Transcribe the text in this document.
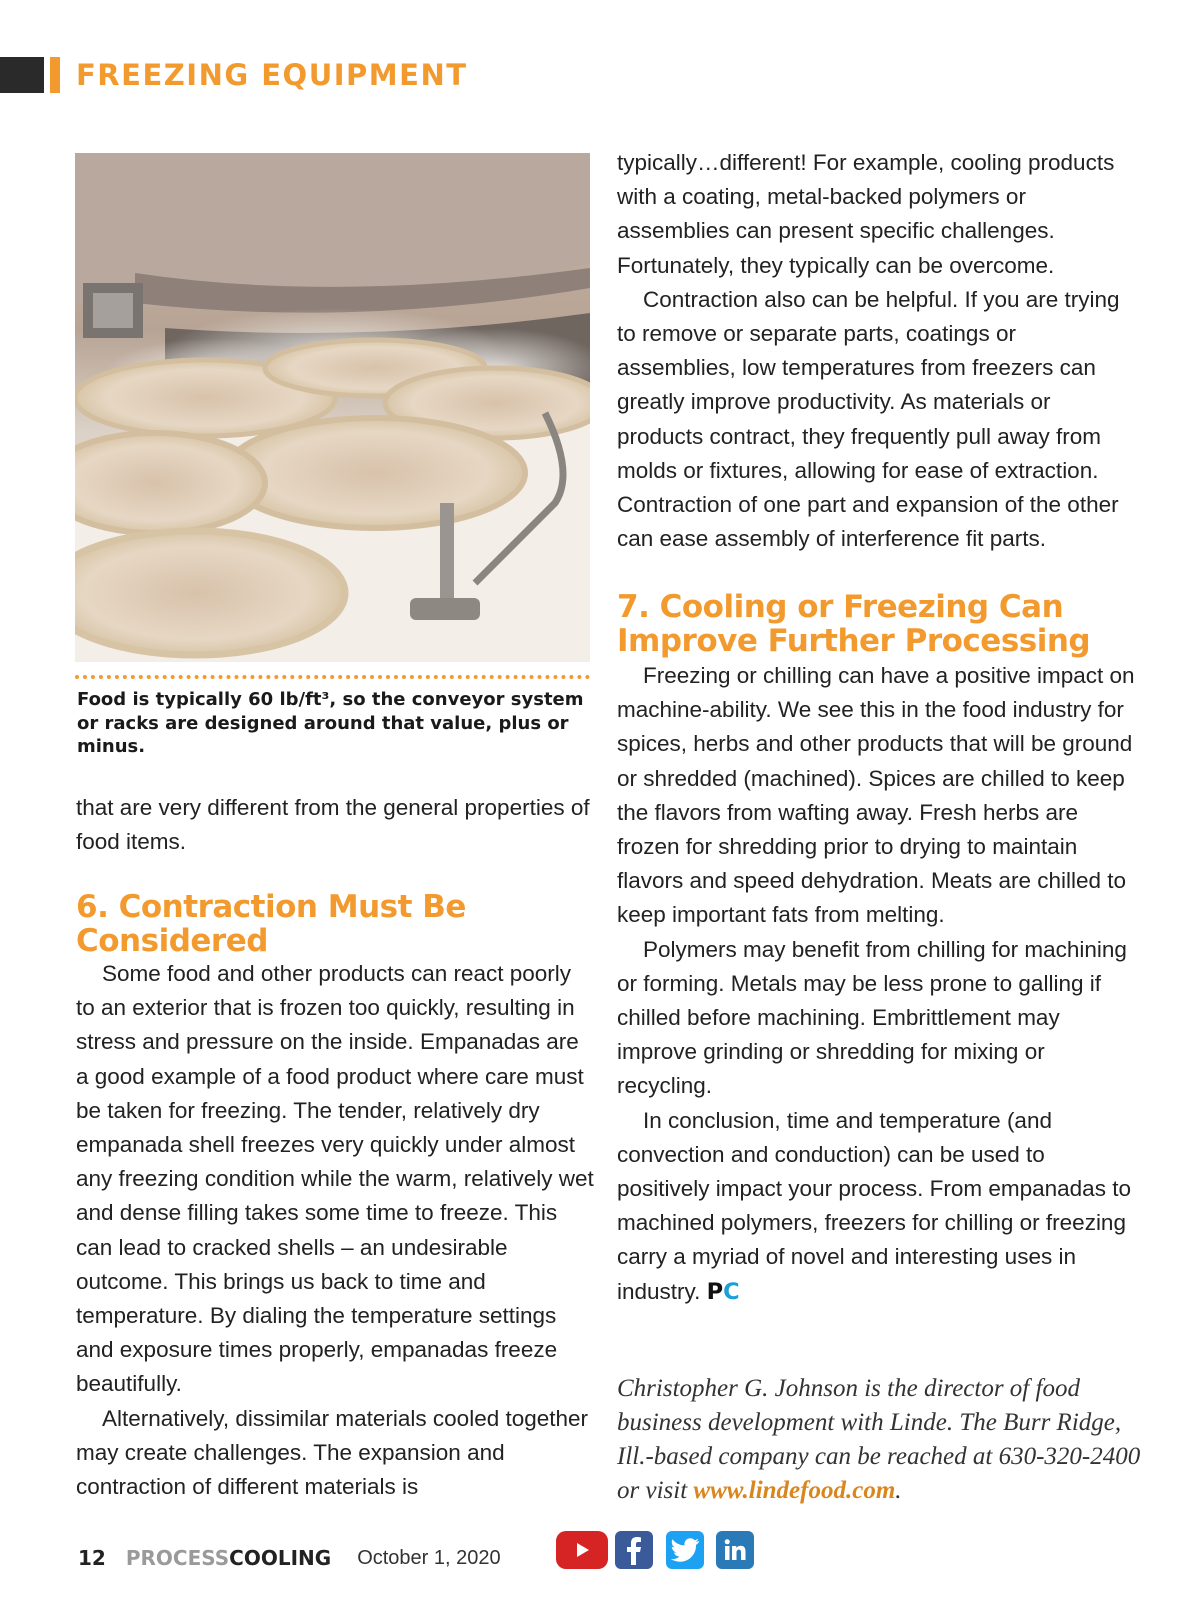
FREEZING EQUIPMENT
Food is typically 60 lb/ft³, so the conveyor system or racks are designed around that value, plus or minus.

that are very different from the general properties of food items.

6. Contraction Must Be
Considered

Some food and other products can react poorly to an exterior that is frozen too quickly, resulting in stress and pressure on the inside. Empanadas are a good example of a food product where care must be taken for freezing. The tender, relatively dry empanada shell freezes very quickly under almost any freezing condition while the warm, relatively wet and dense filling takes some time to freeze. This can lead to cracked shells – an undesirable outcome. This brings us back to time and temperature. By dialing the temperature settings and exposure times properly, empanadas freeze beautifully.

Alternatively, dissimilar materials cooled together may create challenges. The expansion and contraction of different materials is

typically…different! For example, cooling products with a coating, metal-backed polymers or assemblies can present specific challenges. Fortunately, they typically can be overcome.

Contraction also can be helpful. If you are trying to remove or separate parts, coatings or assemblies, low temperatures from freezers can greatly improve productivity. As materials or products contract, they frequently pull away from molds or fixtures, allowing for ease of extraction. Contraction of one part and expansion of the other can ease assembly of interference fit parts.

7. Cooling or Freezing Can
Improve Further Processing

Freezing or chilling can have a positive impact on machine-ability. We see this in the food industry for spices, herbs and other products that will be ground or shredded (machined). Spices are chilled to keep the flavors from wafting away. Fresh herbs are frozen for shredding prior to drying to maintain flavors and speed dehydration. Meats are chilled to keep important fats from melting.

Polymers may benefit from chilling for machining or forming. Metals may be less prone to galling if chilled before machining. Embrittlement may improve grinding or shredding for mixing or recycling.

In conclusion, time and temperature (and convection and conduction) can be used to positively impact your process. From empanadas to machined polymers, freezers for chilling or freezing carry a myriad of novel and interesting uses in industry. PC

Christopher G. Johnson is the director of food business development with Linde. The Burr Ridge, Ill.-based company can be reached at 630-320-2400 or visit www.lindefood.com.
12 PROCESSCOOLING October 1, 2020
